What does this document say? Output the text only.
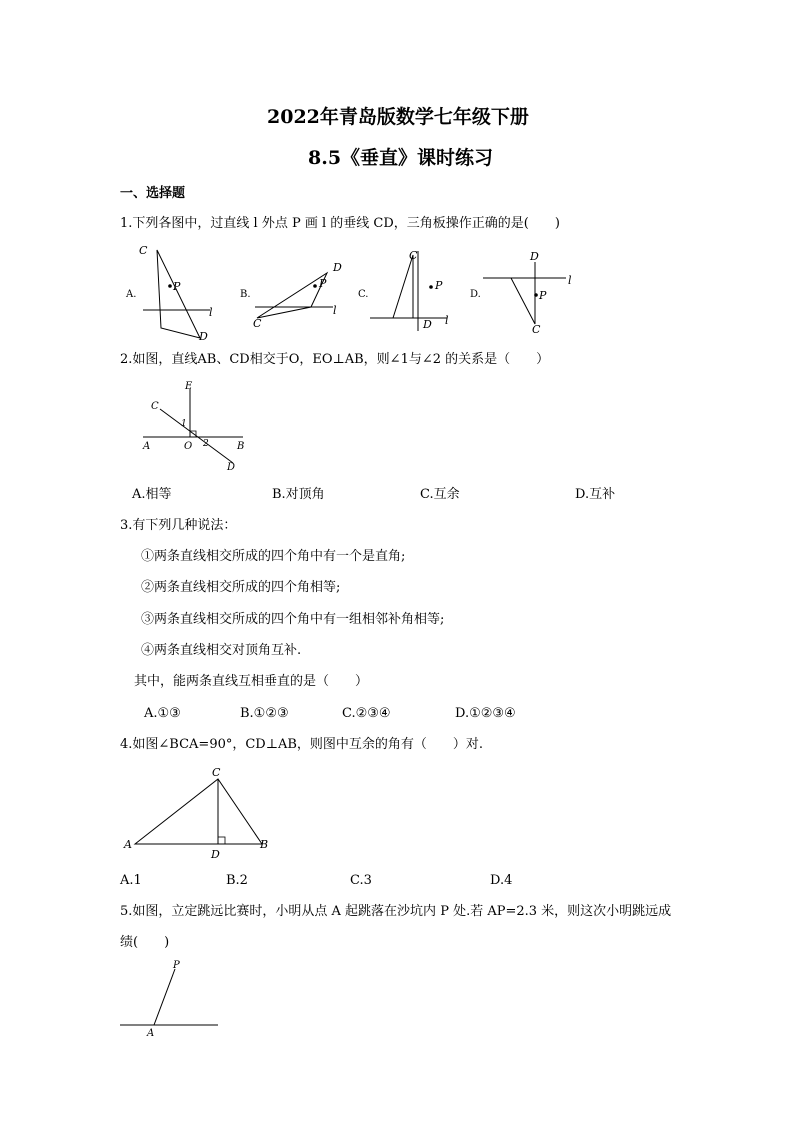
2022年青岛版数学七年级下册
8.5《垂直》课时练习
一、选择题
1.下列各图中，过直线 l 外点 P 画 l 的垂线 CD，三角板操作正确的是(　　)
A.
C
P
l
D
B.
D
P
l
C
C.
C
P
D l
D.
D
P
C
l
2.如图，直线AB、CD相交于O，EO⊥AB，则∠1与∠2 的关系是（　　）
E
C
1
A	O 2	B
D
A.相等	B.对顶角	C.互余	D.互补
3.有下列几种说法：
①两条直线相交所成的四个角中有一个是直角;
②两条直线相交所成的四个角相等;
③两条直线相交所成的四个角中有一组相邻补角相等;
④两条直线相交对顶角互补.
其中，能两条直线互相垂直的是（　　）
A.①③	B.①②③	C.②③④	D.①②③④
4.如图∠BCA=90°，CD⊥AB，则图中互余的角有（　　）对.
C
A	B
D
A.1	B.2	C.3	D.4
5.如图，立定跳远比赛时，小明从点 A 起跳落在沙坑内 P 处.若 AP=2.3 米，则这次小明跳远成
绩(　　)
P
A
